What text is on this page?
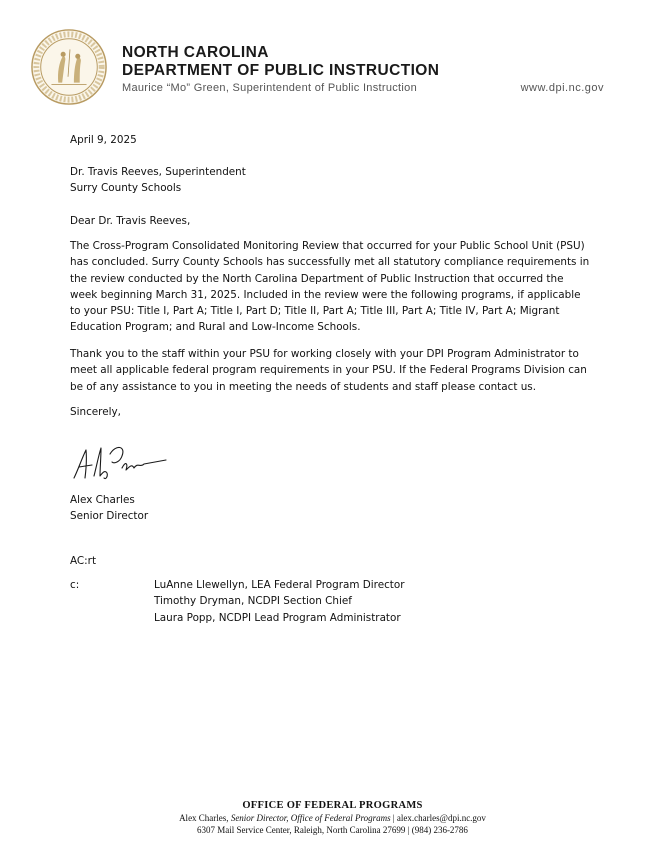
NORTH CAROLINA
DEPARTMENT OF PUBLIC INSTRUCTION
Maurice “Mo” Green, Superintendent of Public Instruction	www.dpi.nc.gov
April 9, 2025
Dr. Travis Reeves, Superintendent
Surry County Schools
Dear Dr. Travis Reeves,
The Cross-Program Consolidated Monitoring Review that occurred for your Public School Unit (PSU) has concluded. Surry County Schools has successfully met all statutory compliance requirements in the review conducted by the North Carolina Department of Public Instruction that occurred the week beginning March 31, 2025. Included in the review were the following programs, if applicable to your PSU: Title I, Part A; Title I, Part D; Title II, Part A; Title III, Part A; Title IV, Part A; Migrant Education Program; and Rural and Low-Income Schools.
Thank you to the staff within your PSU for working closely with your DPI Program Administrator to meet all applicable federal program requirements in your PSU. If the Federal Programs Division can be of any assistance to you in meeting the needs of students and staff please contact us.
Sincerely,
Alex Charles
Senior Director
AC:rt
c:	LuAnne Llewellyn, LEA Federal Program Director
Timothy Dryman, NCDPI Section Chief
Laura Popp, NCDPI Lead Program Administrator
OFFICE OF FEDERAL PROGRAMS
Alex Charles, Senior Director, Office of Federal Programs | alex.charles@dpi.nc.gov
6307 Mail Service Center, Raleigh, North Carolina 27699 | (984) 236-2786
